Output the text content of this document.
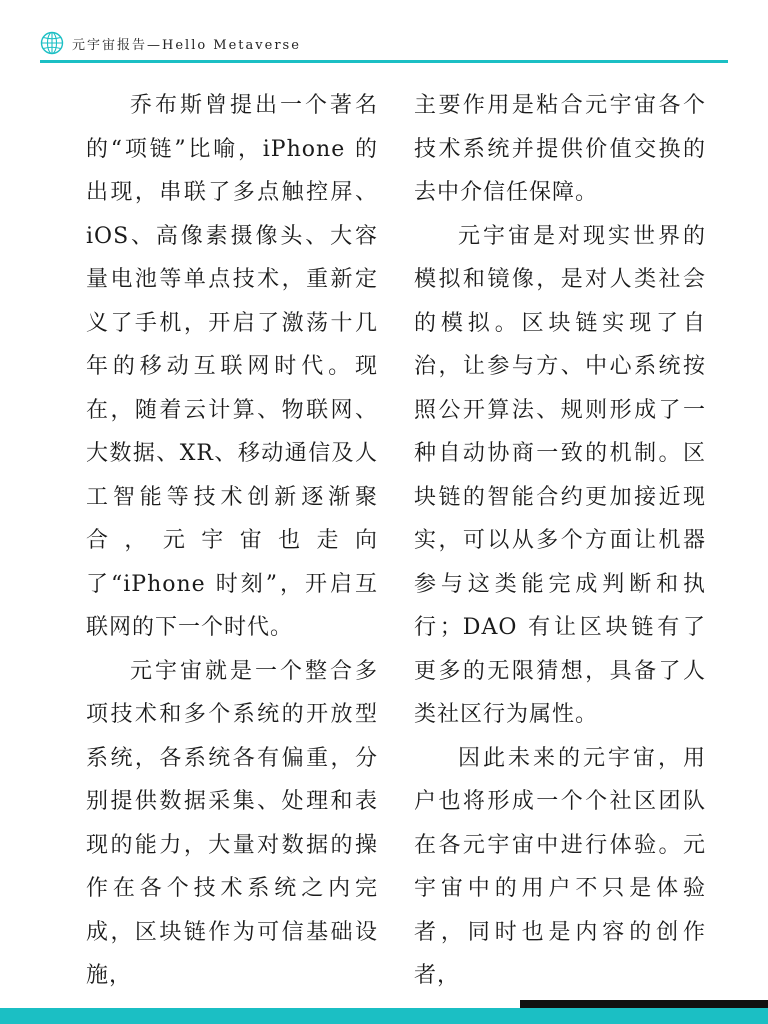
元宇宙报告—Hello Metaverse

乔布斯曾提出一个著名的“项链”比喻，iPhone 的出现，串联了多点触控屏、iOS、高像素摄像头、大容量电池等单点技术，重新定义了手机，开启了激荡十几年的移动互联网时代。现在，随着云计算、物联网、大数据、XR、移动通信及人工智能等技术创新逐渐聚合，元宇宙也走向了“iPhone 时刻”，开启互联网的下一个时代。

元宇宙就是一个整合多项技术和多个系统的开放型系统，各系统各有偏重，分别提供数据采集、处理和表现的能力，大量对数据的操作在各个技术系统之内完成，区块链作为可信基础设施，

主要作用是粘合元宇宙各个技术系统并提供价值交换的去中介信任保障。

元宇宙是对现实世界的模拟和镜像，是对人类社会的模拟。区块链实现了自治，让参与方、中心系统按照公开算法、规则形成了一种自动协商一致的机制。区块链的智能合约更加接近现实，可以从多个方面让机器参与这类能完成判断和执行；DAO 有让区块链有了更多的无限猜想，具备了人类社区行为属性。

因此未来的元宇宙，用户也将形成一个个社区团队在各元宇宙中进行体验。元宇宙中的用户不只是体验者，同时也是内容的创作者，
